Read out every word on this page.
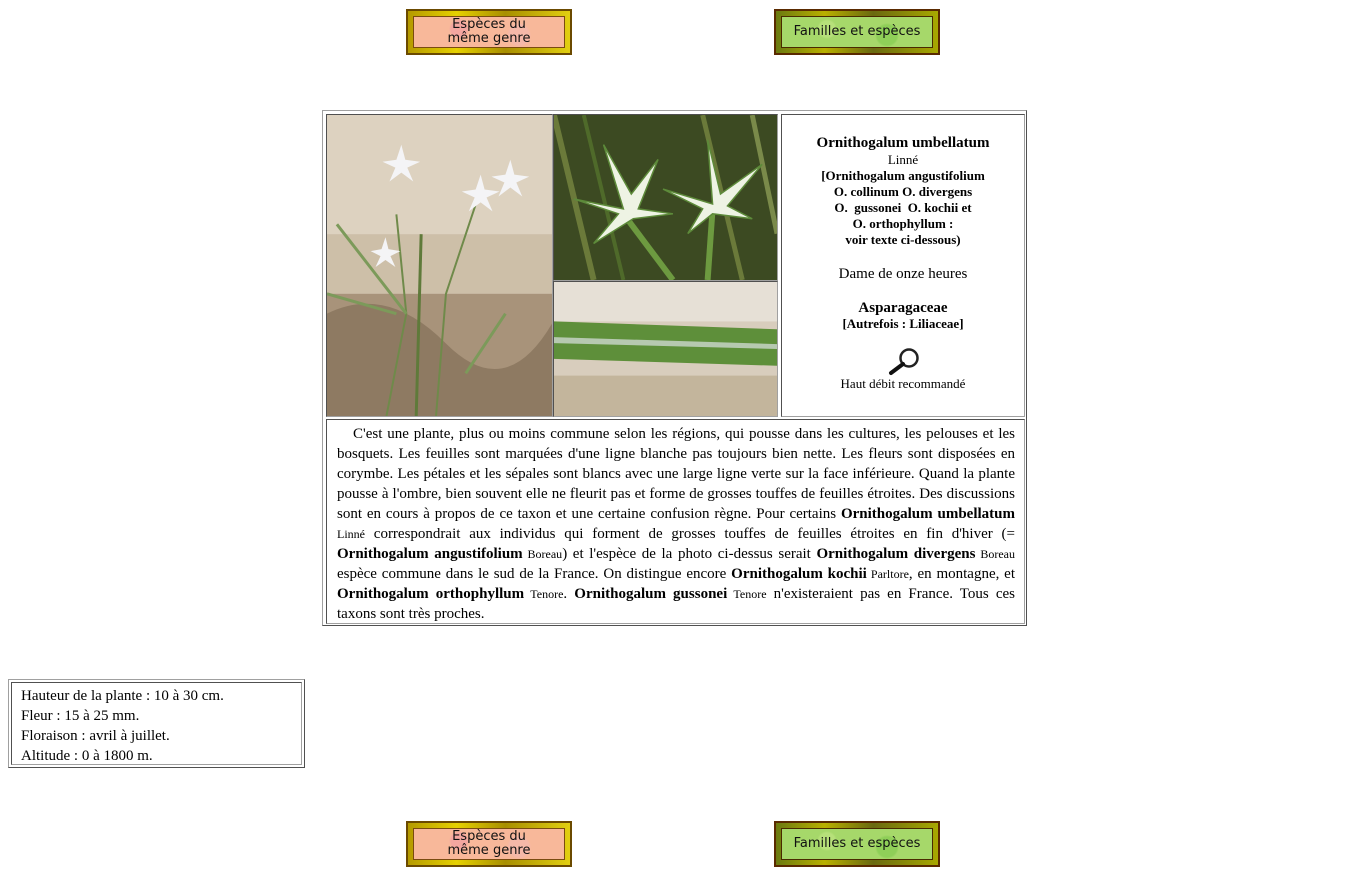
Espèces du
même genre	Familles et espèces
Ornithogalum umbellatum
Linné
[Ornithogalum angustifolium
O. collinum O. divergens
O.  gussonei  O. kochii et
O. orthophyllum :
voir texte ci-dessous)
Dame de onze heures
Asparagaceae
[Autrefois : Liliaceae]
Haut débit recommandé

C'est une plante, plus ou moins commune selon les régions, qui pousse dans les cultures, les pelouses et les bosquets. Les feuilles sont marquées d'une ligne blanche pas toujours bien nette. Les fleurs sont disposées en corymbe. Les pétales et les sépales sont blancs avec une large ligne verte sur la face inférieure. Quand la plante pousse à l'ombre, bien souvent elle ne fleurit pas et forme de grosses touffes de feuilles étroites. Des discussions sont en cours à propos de ce taxon et une certaine confusion règne. Pour certains Ornithogalum umbellatum Linné correspondrait aux individus qui forment de grosses touffes de feuilles étroites en fin d'hiver (= Ornithogalum angustifolium Boreau) et l'espèce de la photo ci-dessus serait Ornithogalum divergens Boreau espèce commune dans le sud de la France. On distingue encore Ornithogalum kochii Parltore, en montagne, et Ornithogalum orthophyllum Tenore. Ornithogalum gussonei Tenore n'existeraient pas en France. Tous ces taxons sont très proches.

Hauteur de la plante : 10 à 30 cm.
Fleur : 15 à 25 mm.
Floraison : avril à juillet.
Altitude : 0 à 1800 m.
Espèces du
même genre	Familles et espèces
